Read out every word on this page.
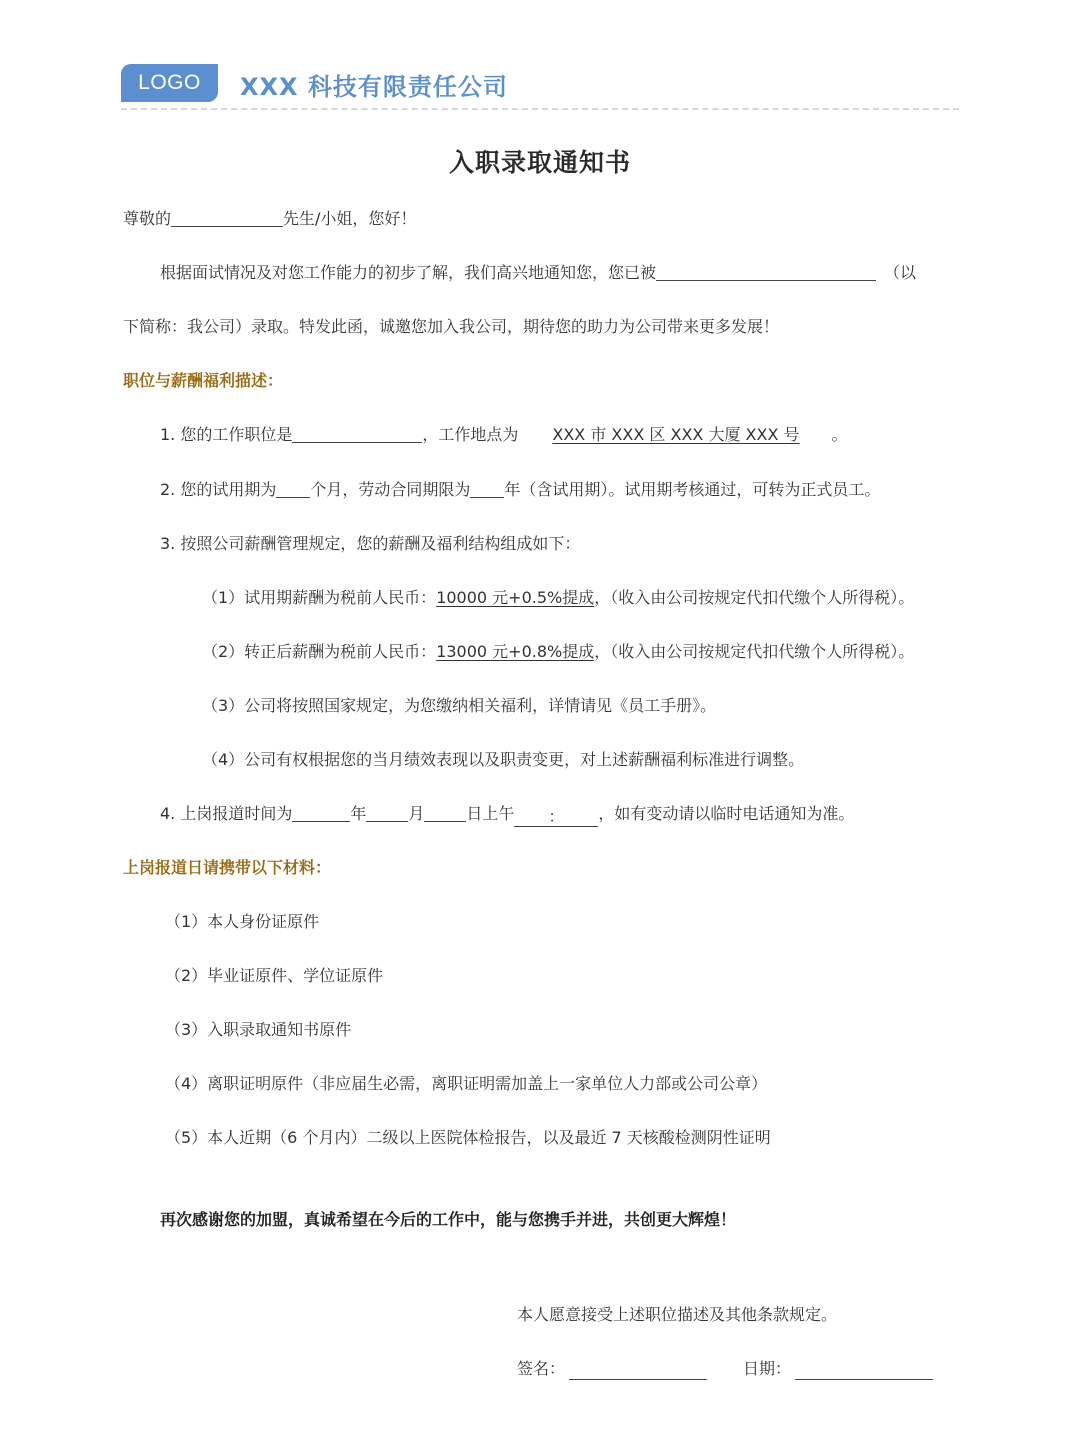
LOGO	XXX 科技有限责任公司
入职录取通知书
尊敬的	先生/小姐，您好！
根据面试情况及对您工作能力的初步了解，我们高兴地通知您，您已被	（以
下简称：我公司）录取。特发此函，诚邀您加入我公司，期待您的助力为公司带来更多发展！
职位与薪酬福利描述：
1. 您的工作职位是	，工作地点为 XXX 市 XXX 区 XXX 大厦 XXX 号 。
2. 您的试用期为 个月，劳动合同期限为 年（含试用期）。试用期考核通过，可转为正式员工。
3. 按照公司薪酬管理规定，您的薪酬及福利结构组成如下：
（1）试用期薪酬为税前人民币：10000 元+0.5%提成，（收入由公司按规定代扣代缴个人所得税）。
（2）转正后薪酬为税前人民币：13000 元+0.8%提成，（收入由公司按规定代扣代缴个人所得税）。
（3）公司将按照国家规定，为您缴纳相关福利，详情请见《员工手册》。
（4）公司有权根据您的当月绩效表现以及职责变更，对上述薪酬福利标准进行调整。
4. 上岗报道时间为	年	月	日上午 ： ，如有变动请以临时电话通知为准。
上岗报道日请携带以下材料：
（1）本人身份证原件
（2）毕业证原件、学位证原件
（3）入职录取通知书原件
（4）离职证明原件（非应届生必需，离职证明需加盖上一家单位人力部或公司公章）
（5）本人近期（6 个月内）二级以上医院体检报告，以及最近 7 天核酸检测阴性证明
再次感谢您的加盟，真诚希望在今后的工作中，能与您携手并进，共创更大辉煌！
本人愿意接受上述职位描述及其他条款规定。
签名：	日期：
